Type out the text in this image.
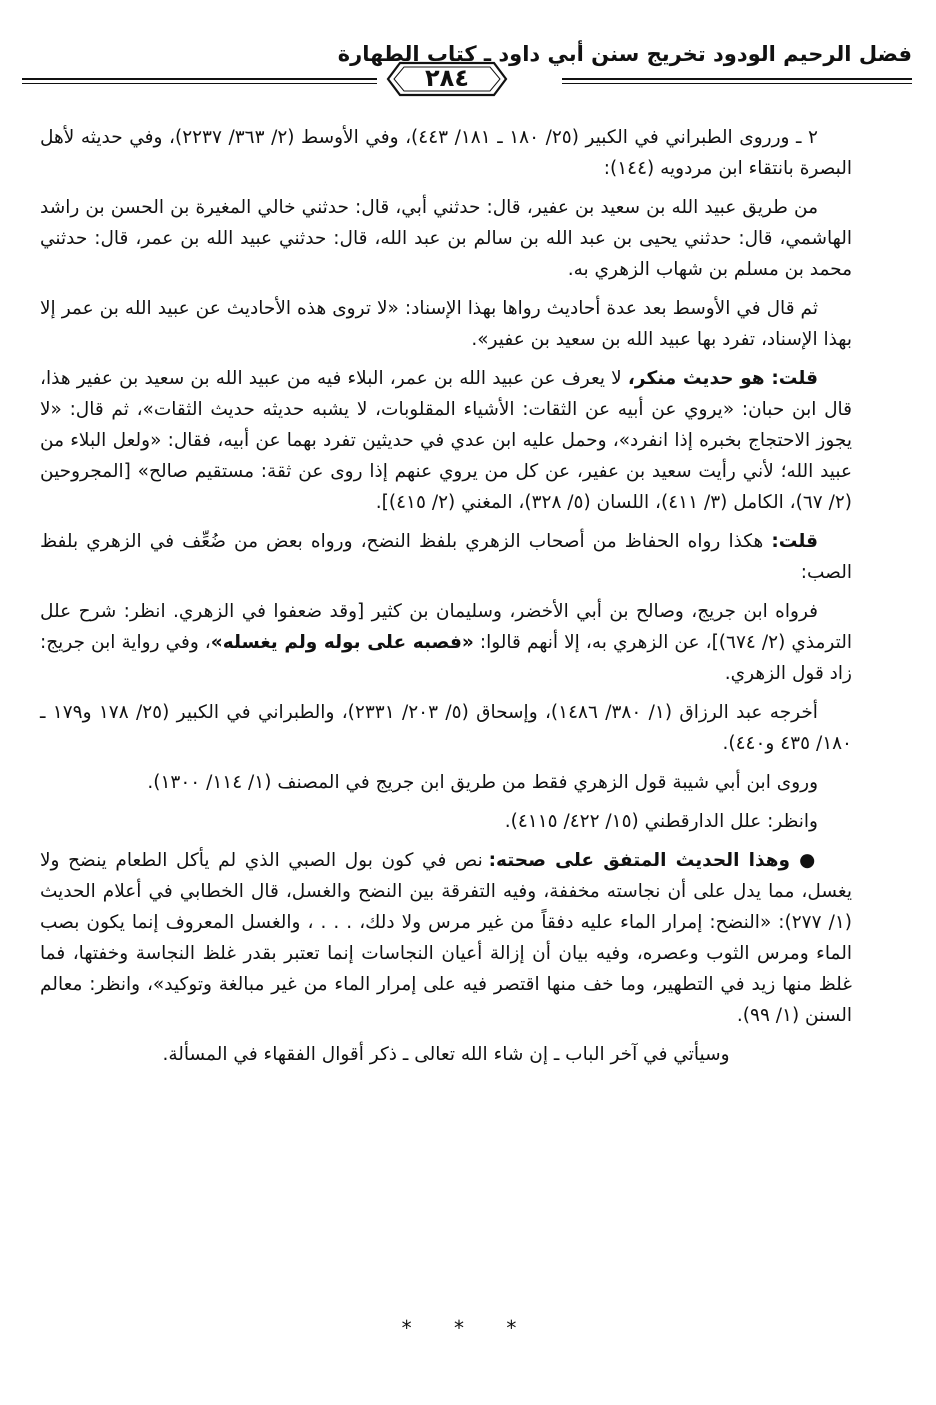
فضل الرحيم الودود تخريج سنن أبي داود ـ كتاب الطهارة
٢٨٤

٢ ـ ورروى الطبراني في الكبير (٢٥/ ١٨٠ ـ ١٨١/ ٤٤٣)، وفي الأوسط (٢/ ٣٦٣/ ٢٢٣٧)، وفي حديثه لأهل البصرة بانتقاء ابن مردويه (١٤٤):

من طريق عبيد الله بن سعيد بن عفير، قال: حدثني أبي، قال: حدثني خالي المغيرة بن الحسن بن راشد الهاشمي، قال: حدثني يحيى بن عبد الله بن سالم بن عبد الله، قال: حدثني عبيد الله بن عمر، قال: حدثني محمد بن مسلم بن شهاب الزهري به.

ثم قال في الأوسط بعد عدة أحاديث رواها بهذا الإسناد: «لا تروى هذه الأحاديث عن عبيد الله بن عمر إلا بهذا الإسناد، تفرد بها عبيد الله بن سعيد بن عفير».

قلت: هو حديث منكر، لا يعرف عن عبيد الله بن عمر، البلاء فيه من عبيد الله بن سعيد بن عفير هذا، قال ابن حبان: «يروي عن أبيه عن الثقات: الأشياء المقلوبات، لا يشبه حديثه حديث الثقات»، ثم قال: «لا يجوز الاحتجاج بخبره إذا انفرد»، وحمل عليه ابن عدي في حديثين تفرد بهما عن أبيه، فقال: «ولعل البلاء من عبيد الله؛ لأني رأيت سعيد بن عفير، عن كل من يروي عنهم إذا روى عن ثقة: مستقيم صالح» [المجروحين (٢/ ٦٧)، الكامل (٣/ ٤١١)، اللسان (٥/ ٣٢٨)، المغني (٢/ ٤١٥)].

قلت: هكذا رواه الحفاظ من أصحاب الزهري بلفظ النضح، ورواه بعض من ضُعِّف في الزهري بلفظ الصب:

فرواه ابن جريج، وصالح بن أبي الأخضر، وسليمان بن كثير [وقد ضعفوا في الزهري. انظر: شرح علل الترمذي (٢/ ٦٧٤)]، عن الزهري به، إلا أنهم قالوا: «فصبه على بوله ولم يغسله»، وفي رواية ابن جريج: زاد قول الزهري.

أخرجه عبد الرزاق (١/ ٣٨٠/ ١٤٨٦)، وإسحاق (٥/ ٢٠٣/ ٢٣٣١)، والطبراني في الكبير (٢٥/ ١٧٨ و١٧٩ ـ ١٨٠/ ٤٣٥ و٤٤٠).

وروى ابن أبي شيبة قول الزهري فقط من طريق ابن جريج في المصنف (١/ ١١٤/ ١٣٠٠).

وانظر: علل الدارقطني (١٥/ ٤٢٢/ ٤١١٥).

● وهذا الحديث المتفق على صحته: نص في كون بول الصبي الذي لم يأكل الطعام ينضح ولا يغسل، مما يدل على أن نجاسته مخففة، وفيه التفرقة بين النضح والغسل، قال الخطابي في أعلام الحديث (١/ ٢٧٧): «النضح: إمرار الماء عليه دفقاً من غير مرس ولا دلك، . . . ، والغسل المعروف إنما يكون بصب الماء ومرس الثوب وعصره، وفيه بيان أن إزالة أعيان النجاسات إنما تعتبر بقدر غلظ النجاسة وخفتها، فما غلظ منها زيد في التطهير، وما خف منها اقتصر فيه على إمرار الماء من غير مبالغة وتوكيد»، وانظر: معالم السنن (١/ ٩٩).

وسيأتي في آخر الباب ـ إن شاء الله تعالى ـ ذكر أقوال الفقهاء في المسألة.

* * *
